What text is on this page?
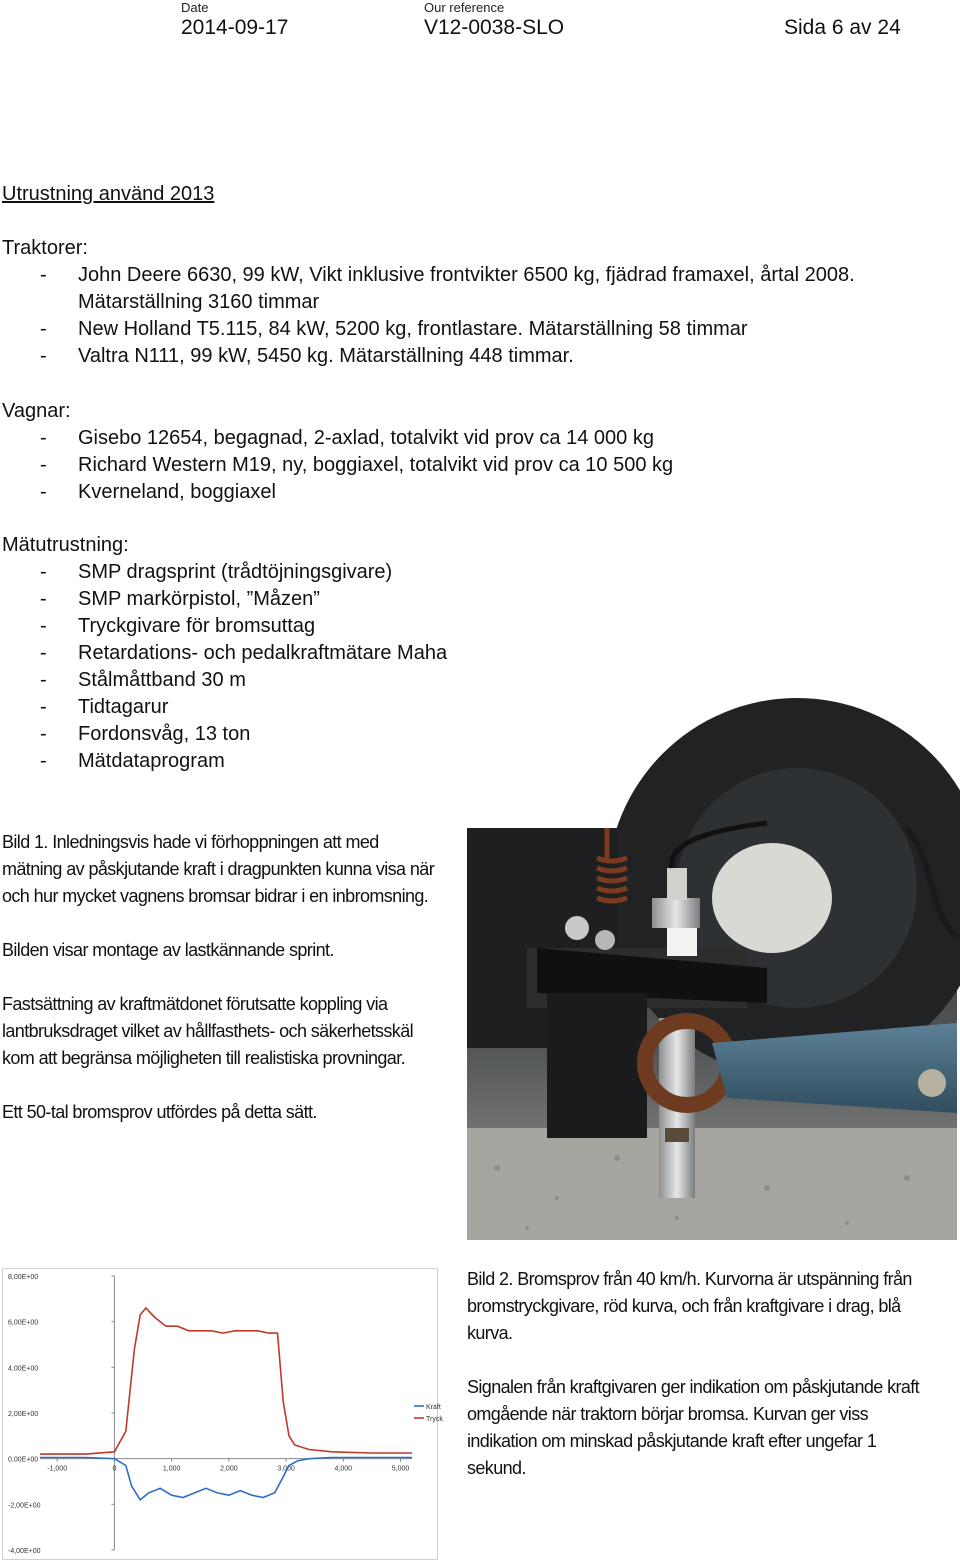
Date
2014-09-17
Our reference
V12-0038-SLO	Sida 6 av 24
Utrustning använd 2013
Traktorer:
- John Deere 6630, 99 kW, Vikt inklusive frontvikter 6500 kg, fjädrad framaxel, årtal 2008. Mätarställning 3160 timmar
- New Holland T5.115, 84 kW, 5200 kg, frontlastare. Mätarställning 58 timmar
- Valtra N111, 99 kW, 5450 kg. Mätarställning 448 timmar.
Vagnar:
- Gisebo 12654, begagnad, 2-axlad, totalvikt vid prov ca 14 000 kg
- Richard Western M19, ny, boggiaxel, totalvikt vid prov ca 10 500 kg
- Kverneland, boggiaxel
Mätutrustning:
- SMP dragsprint (trådtöjningsgivare)
- SMP markörpistol, ”Måzen”
- Tryckgivare för bromsuttag
- Retardations- och pedalkraftmätare Maha
- Stålmåttband 30 m
- Tidtagarur
- Fordonsvåg, 13 ton
- Mätdataprogram

Bild 1. Inledningsvis hade vi förhoppningen att med mätning av påskjutande kraft i dragpunkten kunna visa när och hur mycket vagnens bromsar bidrar i en inbromsning.

Bilden visar montage av lastkännande sprint.

Fastsättning av kraftmätdonet förutsatte koppling via lantbruksdraget vilket av hållfasthets- och säkerhetsskäl kom att begränsa möjligheten till realistiska provningar.

Ett 50-tal bromsprov utfördes på detta sätt.

8,00E+00
6,00E+00
4,00E+00
2,00E+00
0,00E+00
-2,00E+00
-4,00E+00
-1,000	0	1,000	2,000	3,000	4,000	5,000
Kraft
Tryck

Bild 2. Bromsprov från 40 km/h. Kurvorna är utspänning från bromstryckgivare, röd kurva, och från kraftgivare i drag, blå kurva.

Signalen från kraftgivaren ger indikation om påskjutande kraft omgående när traktorn börjar bromsa. Kurvan ger viss indikation om minskad påskjutande kraft efter ungefar 1 sekund.
